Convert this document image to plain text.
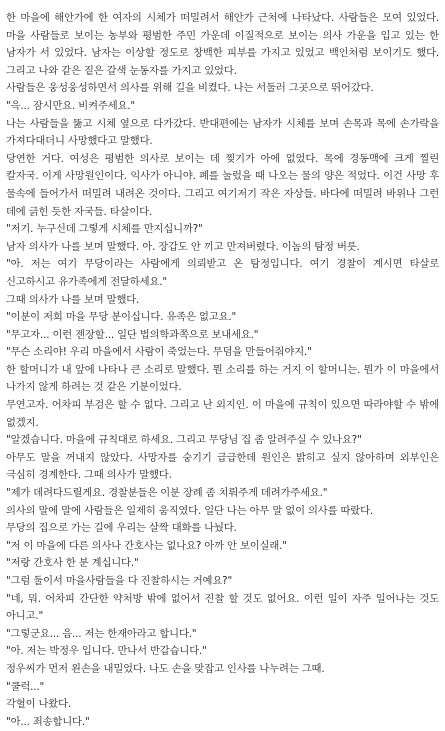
한 마을에 해안가에 한 여자의 시체가 떠밀려서 해안가 근처에 나타났다. 사람들은 모여 있었다. 마을 사람들로 보이는 농부와 평범한 주민 가운데 이질적으로 보이는 의사 가운을 입고 있는 한 남자가 서 있었다. 남자는 이상할 정도로 창백한 피부를 가지고 있었고 백인처럼 보이기도 했다. 그리고 나와 같은 짙은 갈색 눈동자를 가지고 있었다.

사람들은 웅성웅성하면서 의사를 위해 길을 비켰다. 나는 서둘러 그곳으로 뛰어갔다.

"윽... 잠시만요. 비켜주세요."

나는 사람들을 뚫고 시체 옆으로 다가갔다. 반대편에는 남자가 시체를 보며 손목과 목에 손가락을 가져다대더니 사망했다고 말했다.

당연한 거다. 여성은 평범한 의사로 보이는 데 찢기가 아에 없었다. 목에 경동맥에 크게 찔린 칼자국. 이게 사망원인이다. 익사가 아니야. 폐를 눌렀을 때 나오는 물의 양은 적었다. 이건 사망 후 물속에 들어가서 떠밀려 내려온 것이다. 그리고 여기저기 작은 자상들. 바다에 떠밀려 바위나 그런 데에 긁힌 듯한 자국들. 타살이다.

"저기. 누구신데 그렇게 시체를 만지십니까?"

남자 의사가 나를 보며 말했다. 아. 장갑도 안 끼고 만져버렸다. 이놈의 탐정 버릇.

"아. 저는 여기 무당이라는 사람에게 의뢰받고 온 탐정입니다. 여기 경찰이 계시면 타살로 신고하시고 유가족에게 전달하세요."

그때 의사가 나를 보며 말했다.

"이분이 저희 마을 무당 분이십니다. 유족은 없고요."

"무고자... 이런 젠장할... 일단 법의학과쪽으로 보내세요."

"무슨 소리야! 우리 마을에서 사람이 죽었는다. 무덤을 만들어줘야지."

한 할머니가 내 앞에 나타나 큰 소리로 말했다. 뭔 소리를 하는 거지 이 할머니는. 뭔가 이 마을에서 나가지 않게 하려는 것 같은 기분이었다.

무연고자. 어차피 부검은 할 수 없다. 그리고 난 외지인. 이 마을에 규칙이 있으면 따라야할 수 밖에 없겠지.

"알겠습니다. 마을에 규칙대로 하세요. 그리고 무당님 집 좀 알려주실 수 있나요?"

아무도 말을 꺼내지 않았다. 사망자를 숭기기 급급한데 원인은 밝히고 싶지 않아하며 외부인은 극심히 경계한다. 그때 의사가 말했다.

"제가 데려다드릴게요. 경찰분들은 이분 장례 좀 치뤄주게 데려가주세요."

의사의 말에 말에 사람들은 일제히 움직였다. 일단 나는 아무 말 없이 의사를 따랐다.

무당의 집으로 가는 길에 우리는 살짝 대화를 나눴다.

"저 이 마을에 다른 의사나 간호사는 없나요? 아까 안 보이실래."

"저랑 간호사 한 분 계십니다."

"그럼 둘이서 마을사람들을 다 진찰하시는 거예요?"

"네, 뭐. 어차피 간단한 약처방 밖에 없어서 진찰 할 것도 없어요. 이런 일이 자주 일어나는 것도 아니고."

"그렇군요... 음... 저는 한재아라고 합니다."

"아. 저는 박정우 입니다. 만나서 반갑습니다."

정우씨가 먼저 왼손을 내밀었다. 나도 손을 맞잡고 인사를 나누려는 그때.

"쿨럭..."

각혈이 나왔다.

"아... 죄송합니다."
